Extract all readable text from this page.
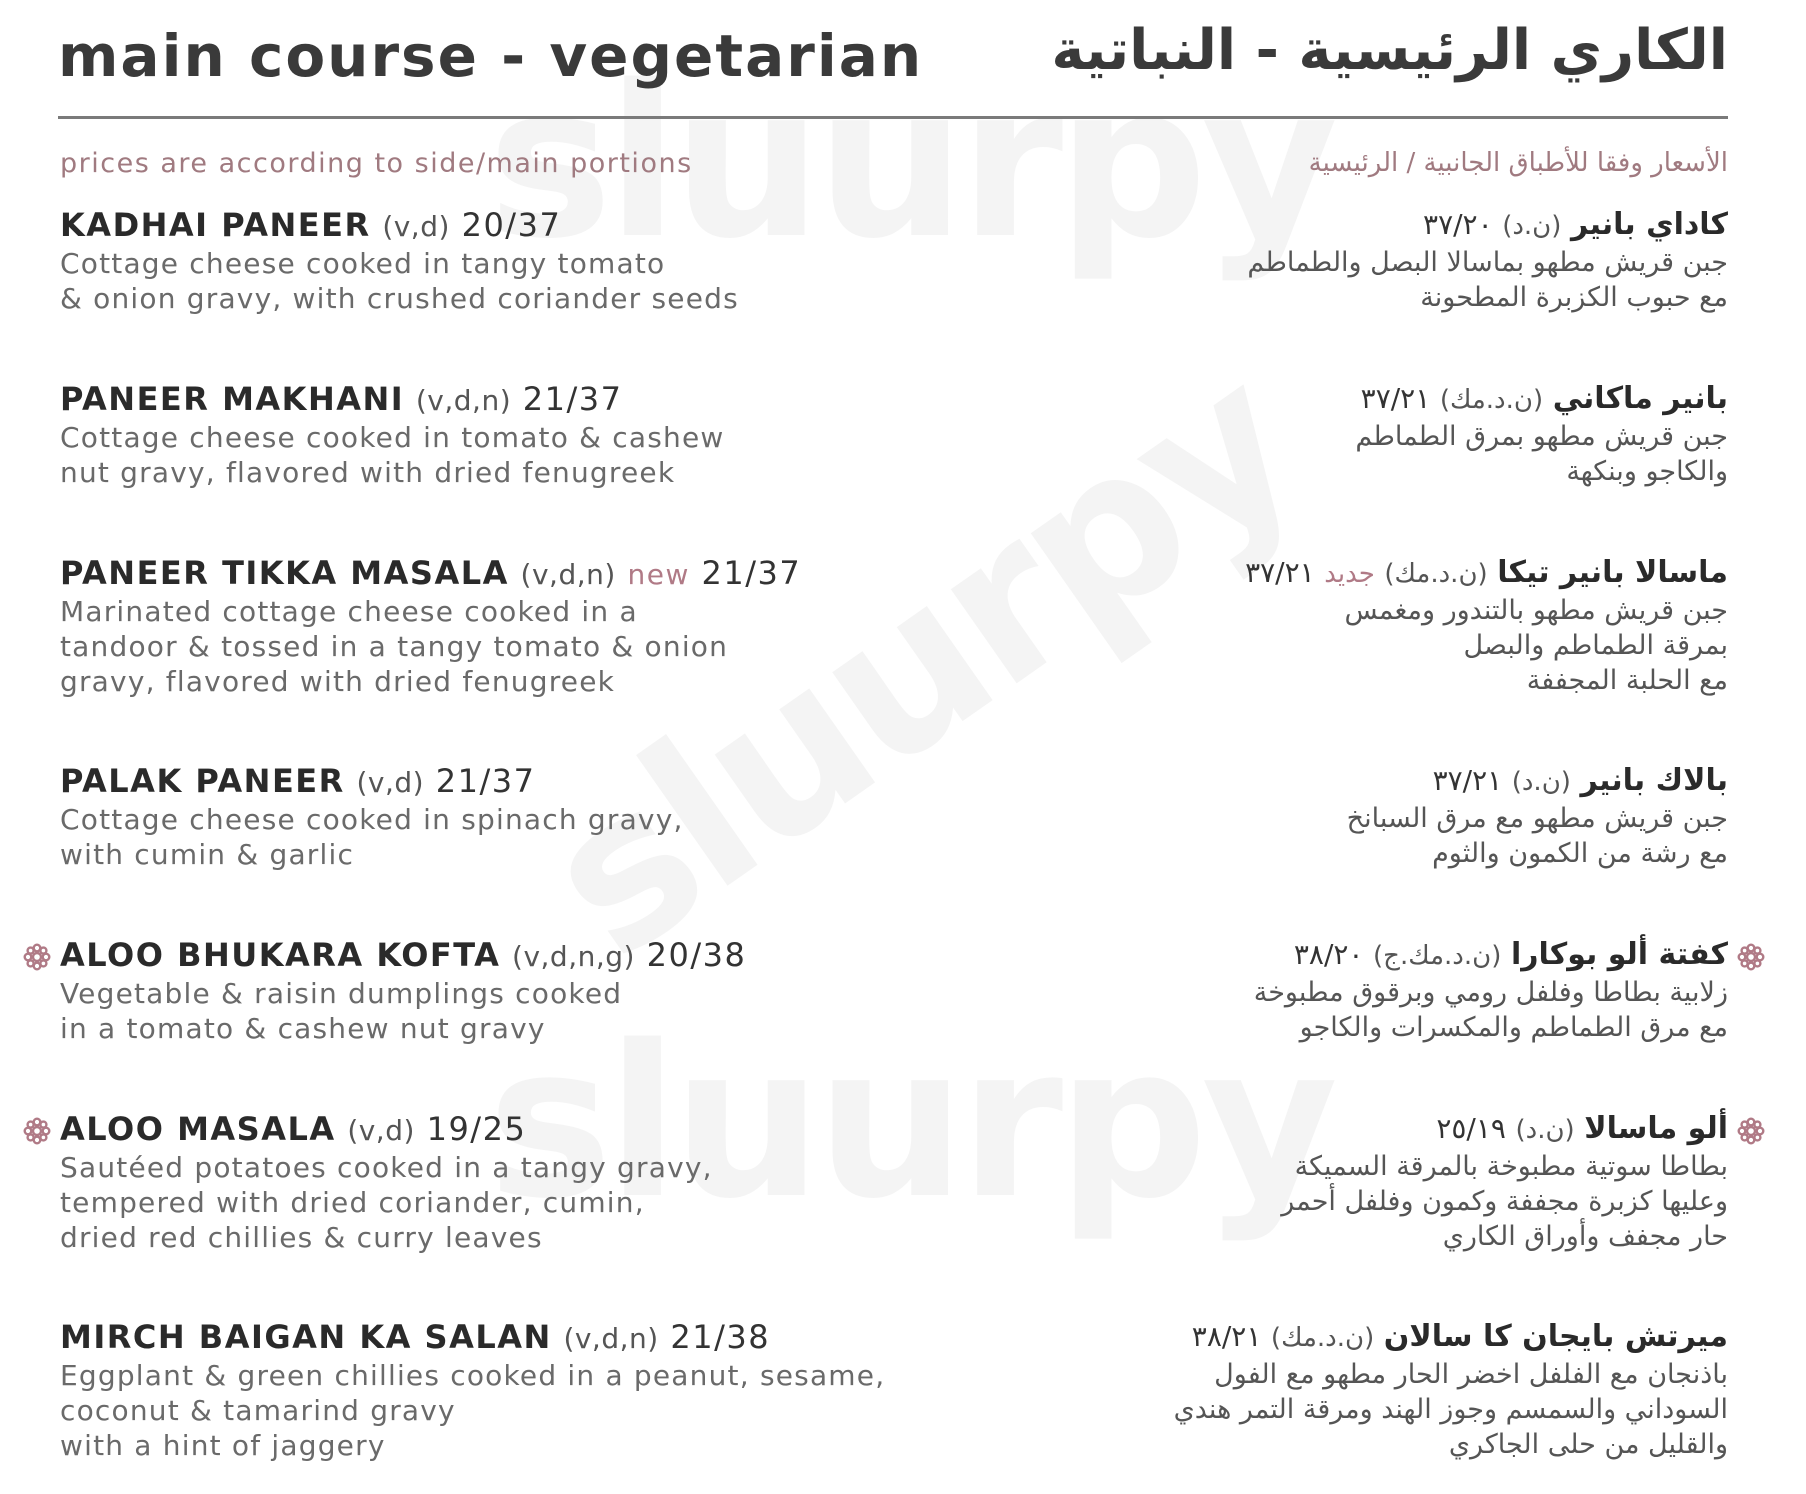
main course - vegetarian الكاري الرئيسية - النباتية
prices are according to side/main portions	الأسعار وفقا للأطباق الجانبية / الرئيسية
KADHAI PANEER (v,d) 20/37
Cottage cheese cooked in tangy tomato
& onion gravy, with crushed coriander seeds
كاداي بانير (ن.د) ٣٧/٢٠
جبن قريش مطهو بماسالا البصل والطماطم
مع حبوب الكزبرة المطحونة
PANEER MAKHANI (v,d,n) 21/37
Cottage cheese cooked in tomato & cashew
nut gravy, flavored with dried fenugreek
بانير ماكاني (ن.د.مك) ٣٧/٢١
جبن قريش مطهو بمرق الطماطم
والكاجو وبنكهة
PANEER TIKKA MASALA (v,d,n) new 21/37
Marinated cottage cheese cooked in a
tandoor & tossed in a tangy tomato & onion
gravy, flavored with dried fenugreek
ماسالا بانير تيكا (ن.د.مك) جديد ٣٧/٢١
جبن قريش مطهو بالتندور ومغمس
بمرقة الطماطم والبصل
مع الحلبة المجففة
PALAK PANEER (v,d) 21/37
Cottage cheese cooked in spinach gravy,
with cumin & garlic
بالاك بانير (ن.د) ٣٧/٢١
جبن قريش مطهو مع مرق السبانخ
مع رشة من الكمون والثوم
ALOO BHUKARA KOFTA (v,d,n,g) 20/38
Vegetable & raisin dumplings cooked
in a tomato & cashew nut gravy
كفتة ألو بوكارا (ن.د.مك.ج) ٣٨/٢٠
زلابية بطاطا وفلفل رومي وبرقوق مطبوخة
مع مرق الطماطم والمكسرات والكاجو
ALOO MASALA (v,d) 19/25
Sautéed potatoes cooked in a tangy gravy,
tempered with dried coriander, cumin,
dried red chillies & curry leaves
ألو ماسالا (ن.د) ٢٥/١٩
بطاطا سوتية مطبوخة بالمرقة السميكة
وعليها كزبرة مجففة وكمون وفلفل أحمر
حار مجفف وأوراق الكاري
MIRCH BAIGAN KA SALAN (v,d,n) 21/38
Eggplant & green chillies cooked in a peanut, sesame,
coconut & tamarind gravy
with a hint of jaggery
ميرتش بايجان كا سالان (ن.د.مك) ٣٨/٢١
باذنجان مع الفلفل اخضر الحار مطهو مع الفول
السوداني والسمسم وجوز الهند ومرقة التمر هندي
والقليل من حلى الجاكري
